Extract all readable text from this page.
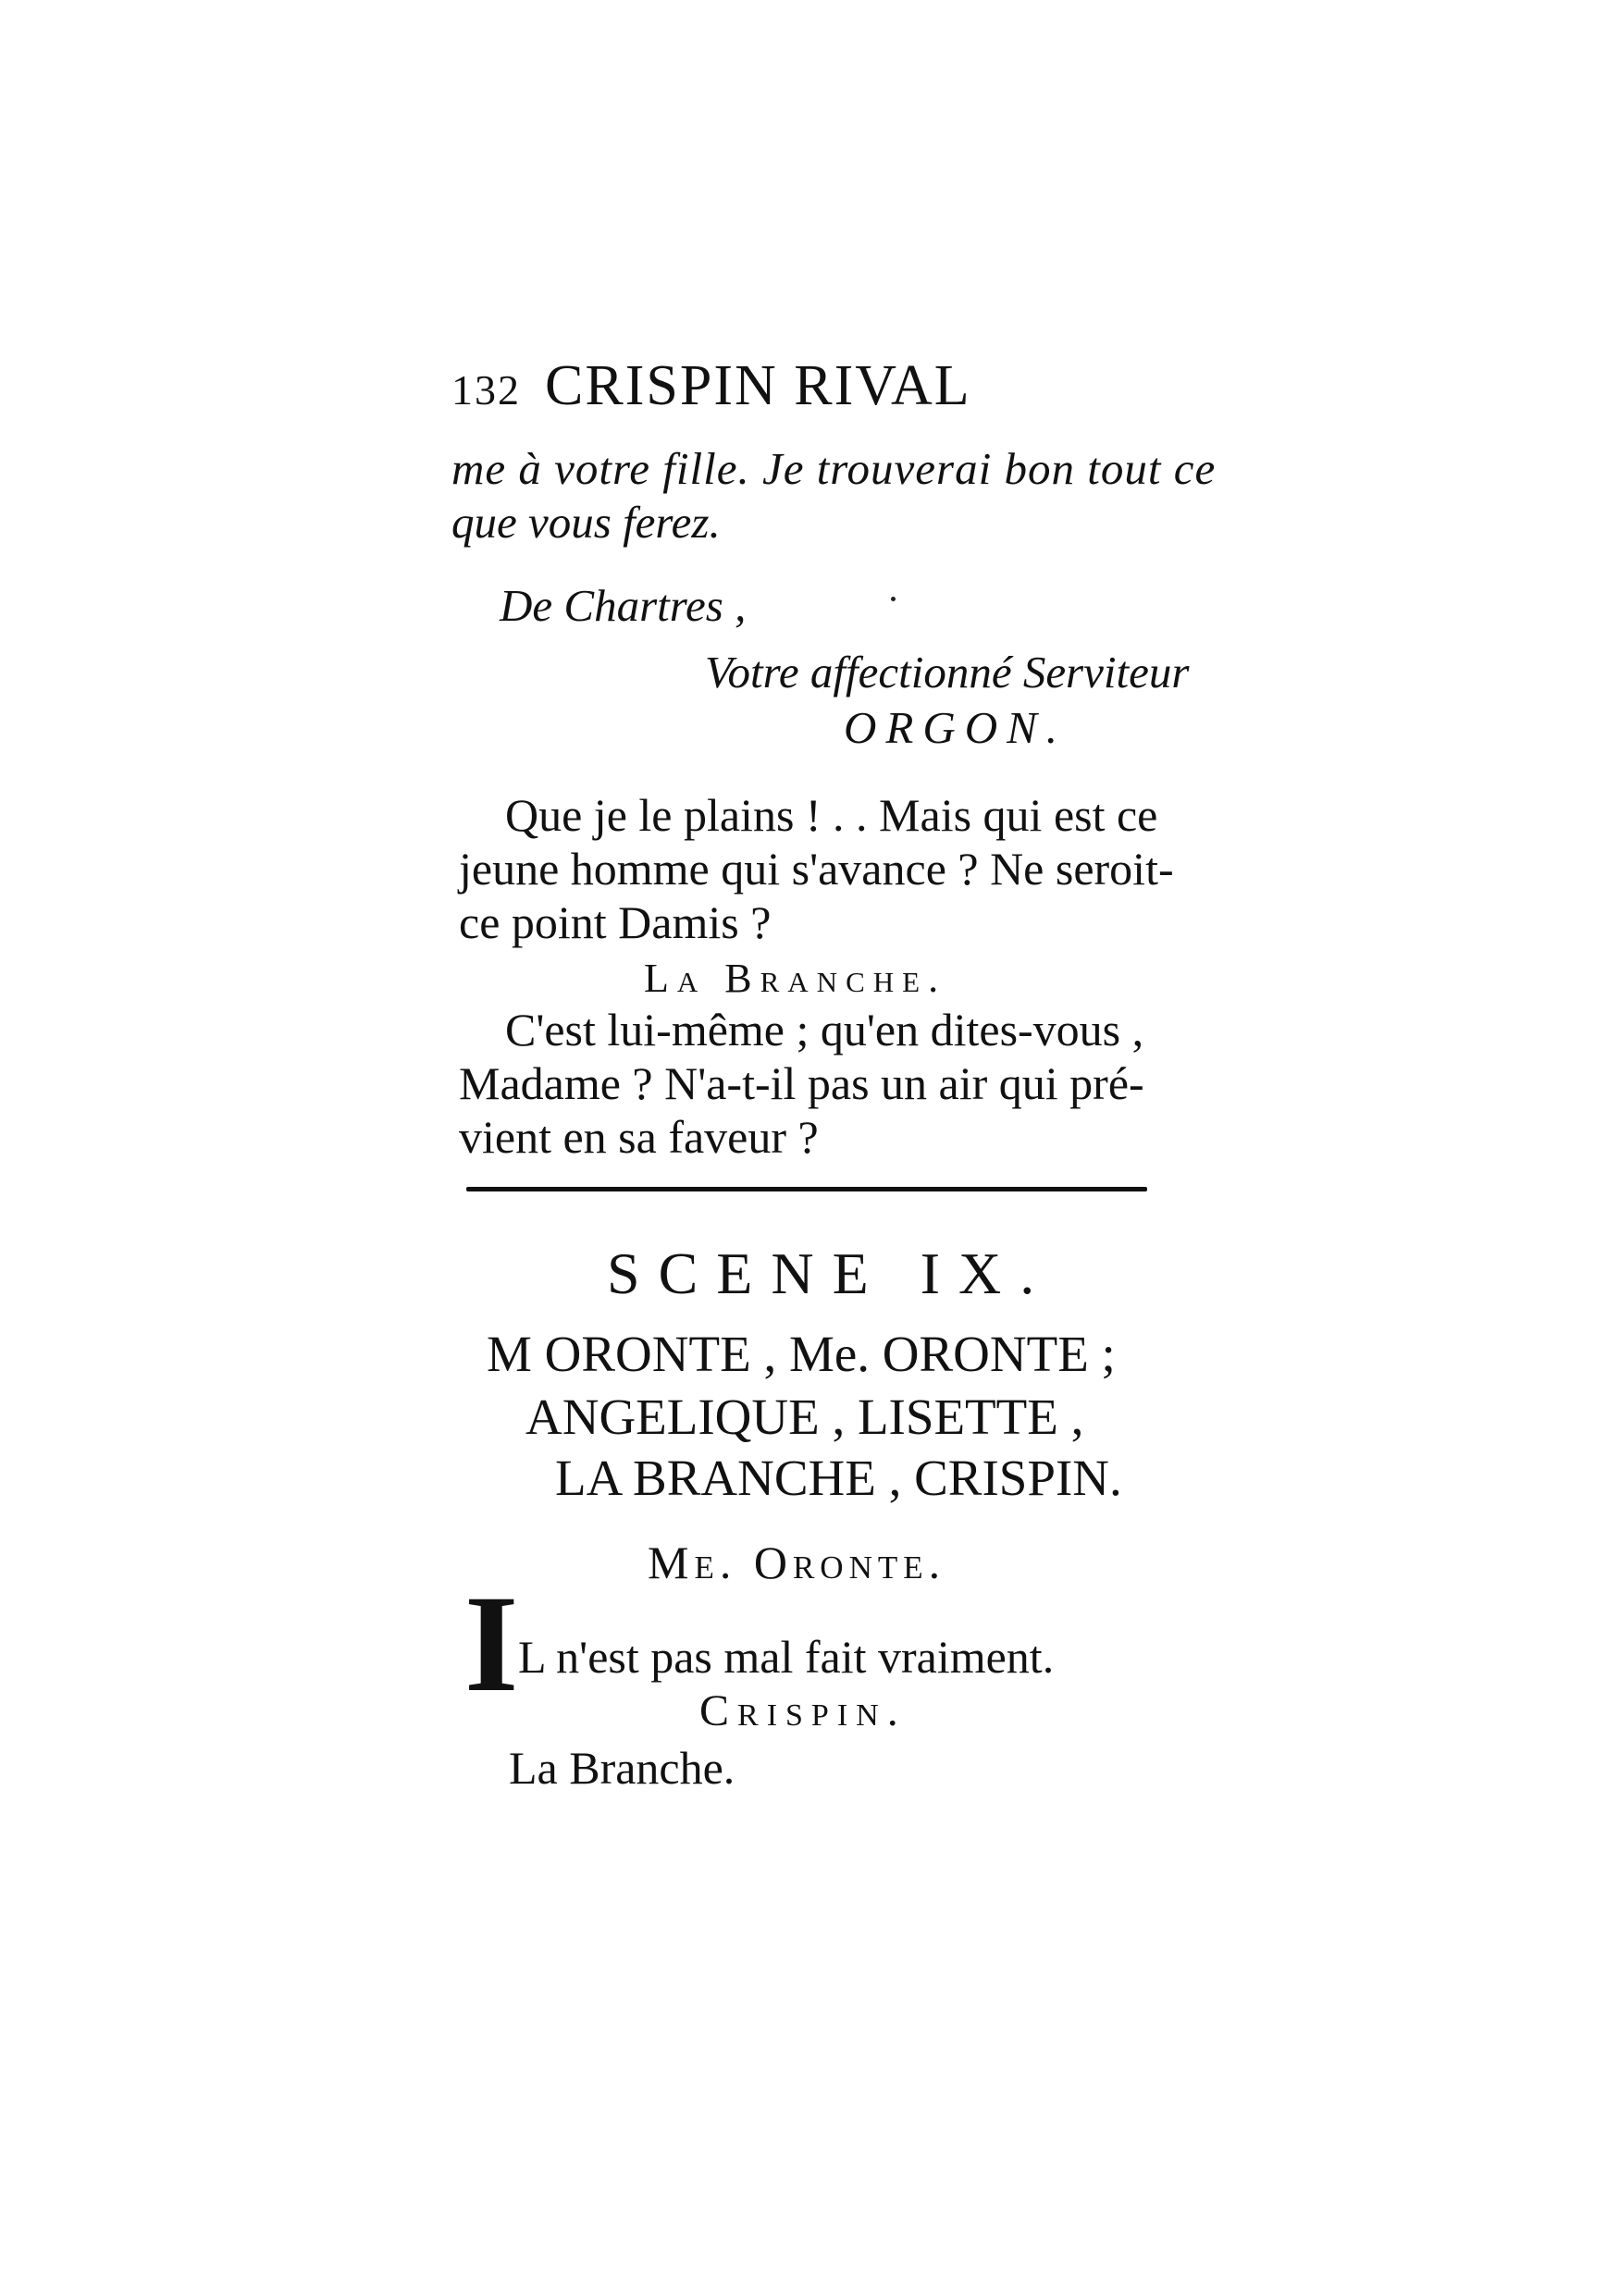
132 CRISPIN RIVAL
me à votre fille. Je trouverai bon tout ce
que vous ferez.
De Chartres ,
Votre affectionné Serviteur
ORGON.
Que je le plains ! . . Mais qui est ce
jeune homme qui s'avance ? Ne seroit-
ce point Damis ?
La Branche.
C'est lui-même ; qu'en dites-vous ,
Madame ? N'a-t-il pas un air qui pré-
vient en sa faveur ?
SCENE IX.
M ORONTE , Me. ORONTE ;
ANGELIQUE , LISETTE ,
LA BRANCHE , CRISPIN.
Me. Oronte.
I L n'est pas mal fait vraiment.
Crispin.
La Branche.
